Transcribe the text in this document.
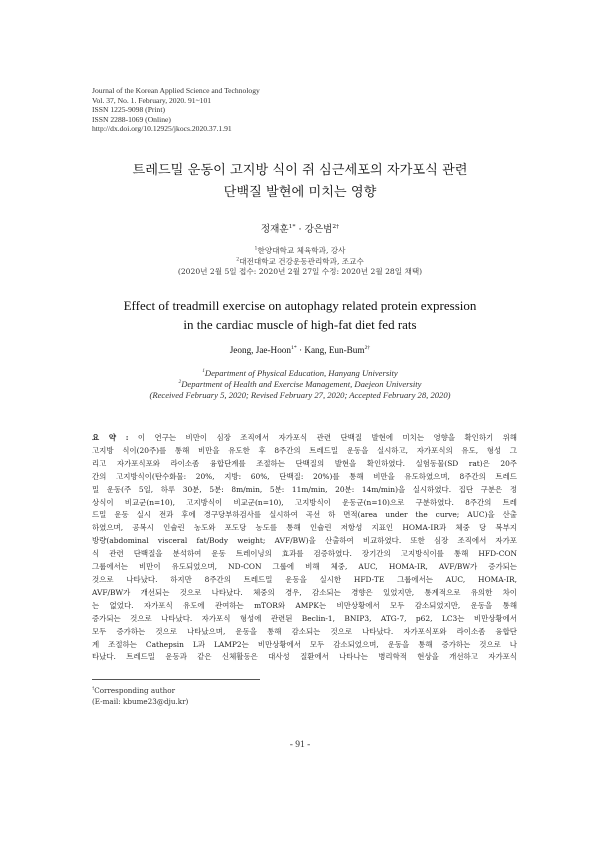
Journal of the Korean Applied Science and Technology
Vol. 37, No. 1. February, 2020. 91~101
ISSN 1225-9098 (Print)
ISSN 2288-1069 (Online)
http://dx.doi.org/10.12925/jkocs.2020.37.1.91
트레드밀 운동이 고지방 식이 쥐 심근세포의 자가포식 관련
단백질 발현에 미치는 영향
정재훈$^{1*}$ · 강은범$^{2\dagger}$
$^1$한양대학교 체육학과, 강사
$^2$대전대학교 건강운동관리학과, 조교수
(2020년 2월 5일 접수: 2020년 2월 27일 수정: 2020년 2월 28일 채택)
Effect of treadmill exercise on autophagy related protein expression
in the cardiac muscle of high-fat diet fed rats
Jeong, Jae-Hoon$^{1*}$ · Kang, Eun-Bum$^{2\dagger}$
$^1$Department of Physical Education, Hanyang University
$^2$Department of Health and Exercise Management, Daejeon University
(Received February 5, 2020; Revised February 27, 2020; Accepted February 28, 2020)
요 약 : 이 연구는 비만이 심장 조직에서 자가포식 관련 단백질 발현에 미치는 영향을 확인하기 위해
고지방 식이(20주)를 통해 비만을 유도한 후 8주간의 트레드밀 운동을 실시하고, 자가포식의 유도, 형성 그
리고 자가포식포와 라이소좀 융합단계를 조절하는 단백질의 발현을 확인하였다. 실험동물(SD rat)은 20주
간의 고지방식이(탄수화물: 20%, 지방: 60%, 단백질: 20%)를 통해 비만을 유도하였으며, 8주간의 트레드
밀 운동(주 5일, 하루 30분, 5분: 8m/min, 5분: 11m/min, 20분: 14m/min)을 실시하였다. 집단 구분은 정
상식이 비교군(n=10), 고지방식이 비교군(n=10), 고지방식이 운동군(n=10)으로 구분하였다. 8주간의 트레
드밀 운동 실시 전과 후에 경구당부하검사를 실시하여 곡선 하 면적(area under the curve; AUC)을 산출
하였으며, 공복시 인슐린 농도와 포도당 농도를 통해 인슐린 저항성 지표인 HOMA-IR과 체중 당 복부지
방량(abdominal visceral fat/Body weight; AVF/BW)을 산출하여 비교하였다. 또한 심장 조직에서 자가포
식 관련 단백질을 분석하여 운동 트레이닝의 효과를 검증하였다. 장기간의 고지방식이를 통해 HFD-CON
그룹에서는 비만이 유도되었으며, ND-CON 그룹에 비해 체중, AUC, HOMA-IR, AVF/BW가 증가되는
것으로 나타났다. 하지만 8주간의 트레드밀 운동을 실시한 HFD-TE 그룹에서는 AUC, HOMA-IR,
AVF/BW가 개선되는 것으로 나타났다. 체중의 경우, 감소되는 경향은 있었지만, 통계적으로 유의한 차이
는 없었다. 자가포식 유도에 관여하는 mTOR와 AMPK는 비만상황에서 모두 감소되었지만, 운동을 통해
증가되는 것으로 나타났다. 자가포식 형성에 관련된 Beclin-1, BNIP3, ATG-7, p62, LC3는 비만상황에서
모두 증가하는 것으로 나타났으며, 운동을 통해 감소되는 것으로 나타났다. 자가포식포와 라이소좀 융합단
계 조절하는 Cathepsin L과 LAMP2는 비만상황에서 모두 감소되었으며, 운동을 통해 증가하는 것으로 나
타났다. 트레드밀 운동과 같은 신체활동은 대사성 질환에서 나타나는 병리학적 현상을 개선하고 자가포식
†Corresponding author
(E-mail: kbume23@dju.kr)
- 91 -
